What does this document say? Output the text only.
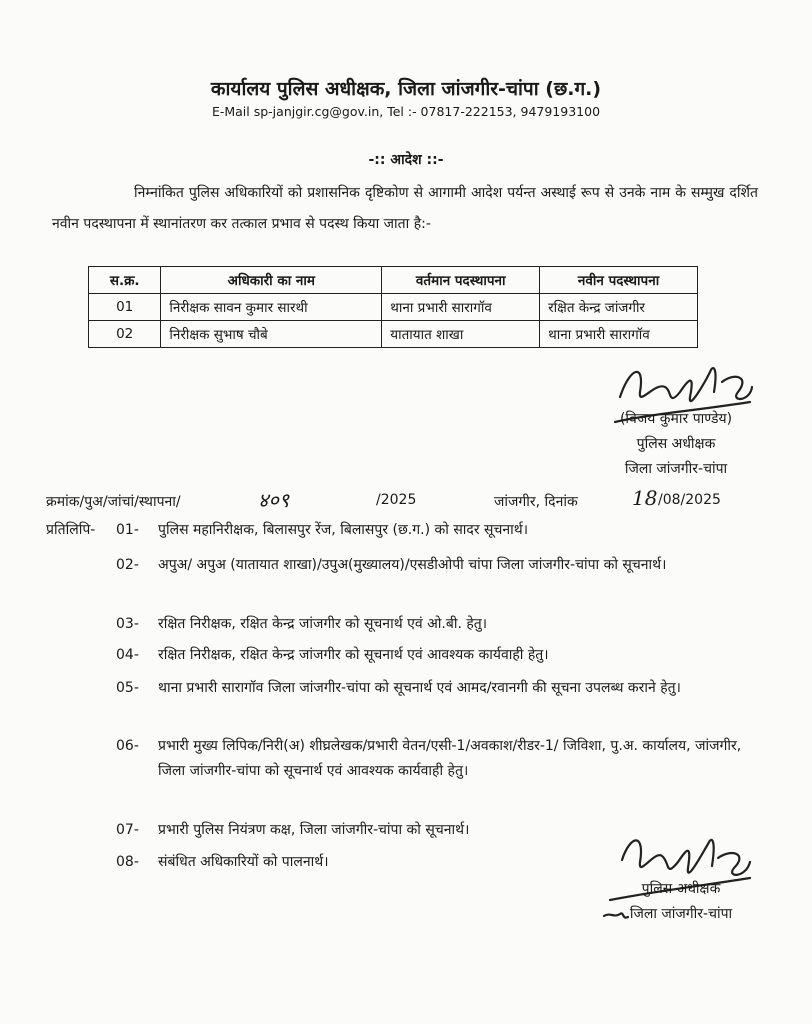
कार्यालय पुलिस अधीक्षक, जिला जांजगीर-चांपा (छ.ग.)
E-Mail sp-janjgir.cg@gov.in, Tel :- 07817-222153, 9479193100
-:: आदेश ::-
निम्नांकित पुलिस अधिकारियों को प्रशासनिक दृष्टिकोण से आगामी आदेश पर्यन्त अस्थाई रूप से उनके नाम के सम्मुख दर्शित नवीन पदस्थापना में स्थानांतरण कर तत्काल प्रभाव से पदस्थ किया जाता है:-
स.क्र.	अधिकारी का नाम	वर्तमान पदस्थापना	नवीन पदस्थापना
01	निरीक्षक सावन कुमार सारथी	थाना प्रभारी सारागॉव	रक्षित केन्द्र जांजगीर
02	निरीक्षक सुभाष चौबे	यातायात शाखा	थाना प्रभारी सारागॉव
(विजय कुमार पाण्डेय)
पुलिस अधीक्षक
जिला जांजगीर-चांपा
क्रमांक/पुअ/जांचां/स्थापना/	४०९	/2025	जांजगीर, दिनांक	18 /08/2025
प्रतिलिपि- 01- पुलिस महानिरीक्षक, बिलासपुर रेंज, बिलासपुर (छ.ग.) को सादर सूचनार्थ।
02- अपुअ/ अपुअ (यातायात शाखा)/उपुअ(मुख्यालय)/एसडीओपी चांपा जिला जांजगीर-चांपा को सूचनार्थ।
03- रक्षित निरीक्षक, रक्षित केन्द्र जांजगीर को सूचनार्थ एवं ओ.बी. हेतु।
04- रक्षित निरीक्षक, रक्षित केन्द्र जांजगीर को सूचनार्थ एवं आवश्यक कार्यवाही हेतु।
05- थाना प्रभारी सारागॉव जिला जांजगीर-चांपा को सूचनार्थ एवं आमद/रवानगी की सूचना उपलब्ध कराने हेतु।
06- प्रभारी मुख्य लिपिक/निरी(अ) शीघ्रलेखक/प्रभारी वेतन/एसी-1/अवकाश/रीडर-1/ जिविशा, पु.अ. कार्यालय, जांजगीर, जिला जांजगीर-चांपा को सूचनार्थ एवं आवश्यक कार्यवाही हेतु।
07- प्रभारी पुलिस नियंत्रण कक्ष, जिला जांजगीर-चांपा को सूचनार्थ।
08- संबंधित अधिकारियों को पालनार्थ।
पुलिस अधीक्षक
जिला जांजगीर-चांपा
